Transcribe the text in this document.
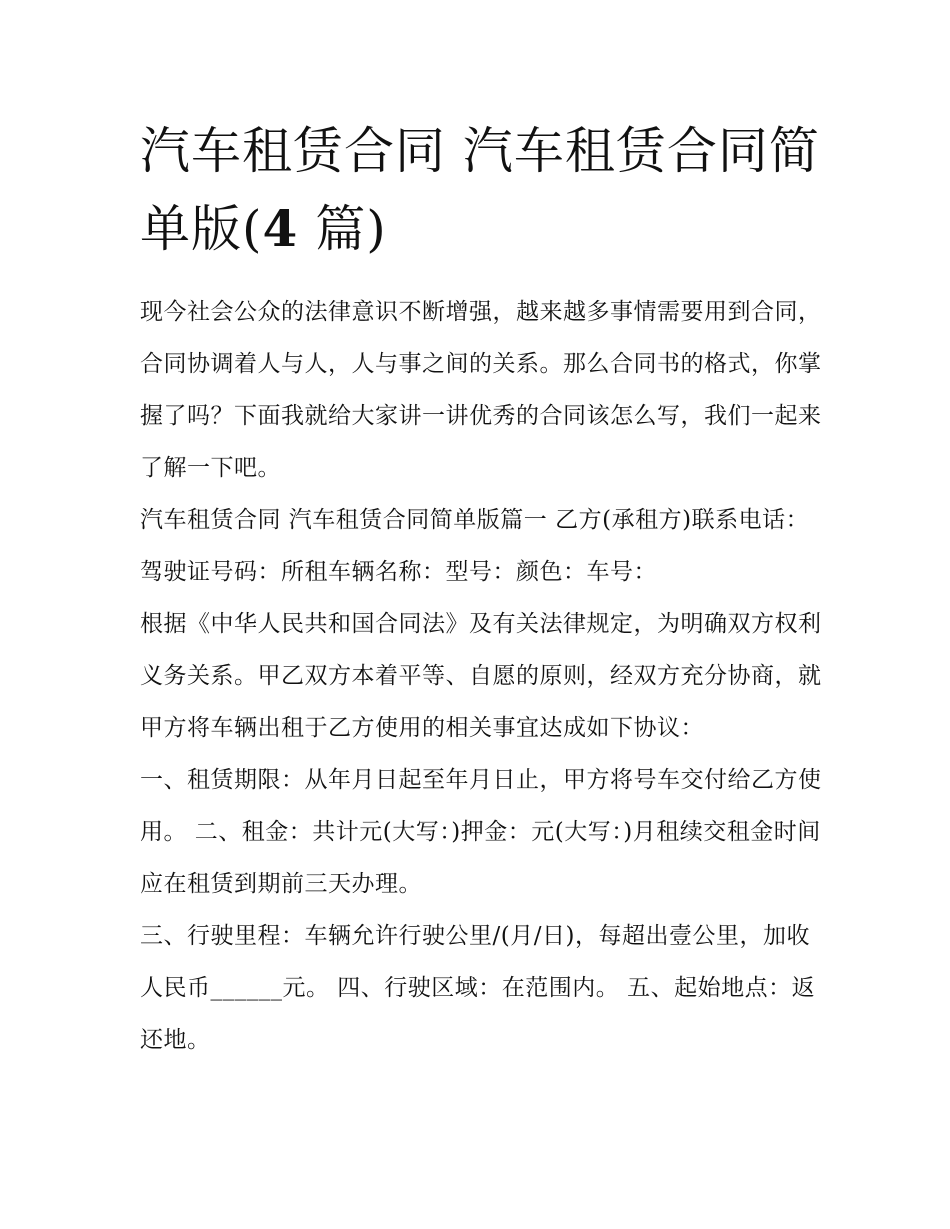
汽车租赁合同 汽车租赁合同简
单版(4 篇)

现今社会公众的法律意识不断增强，越来越多事情需要用到合同，合同协调着人与人，人与事之间的关系。那么合同书的格式，你掌握了吗？下面我就给大家讲一讲优秀的合同该怎么写，我们一起来了解一下吧。

汽车租赁合同 汽车租赁合同简单版篇一 乙方(承租方)联系电话： 驾驶证号码：所租车辆名称：型号：颜色：车号：

根据《中华人民共和国合同法》及有关法律规定，为明确双方权利义务关系。甲乙双方本着平等、自愿的原则，经双方充分协商，就甲方将车辆出租于乙方使用的相关事宜达成如下协议：

一、租赁期限：从年月日起至年月日止，甲方将号车交付给乙方使用。 二、租金：共计元(大写：)押金：元(大写：)月租续交租金时间应在租赁到期前三天办理。

三、行驶里程：车辆允许行驶公里/(月/日)，每超出壹公里，加收人民币______元。 四、行驶区域：在范围内。 五、起始地点：返还地。
